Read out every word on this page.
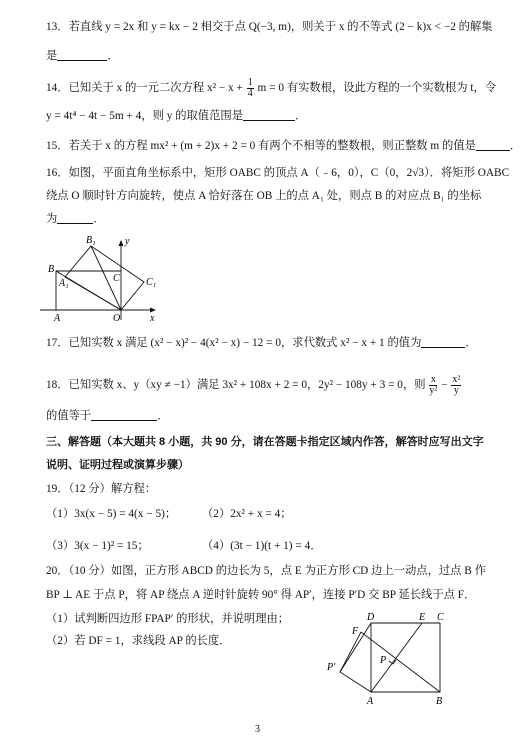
13．若直线 y = 2x 和 y = kx − 2 相交于点 Q(−3, m)，则关于 x 的不等式 (2 − k)x < −2 的解集
是	．
14．已知关于 x 的一元二次方程 $x^2 - x + \frac{1}{4}$ m = 0 有实数根，设此方程的一个实数根为 t，令
y = 4t⁴ − 4t − 5m + 4，则 y 的取值范围是	．
15．若关于 x 的方程 mx² + (m + 2)x + 2 = 0 有两个不相等的整数根，则正整数 m 的值是	．
16．如图，平面直角坐标系中，矩形 OABC 的顶点 A（﹣6，0），C（0，2√3）．将矩形 OABC
绕点 O 顺时针方向旋转，使点 A 恰好落在 OB 上的点 A₁ 处，则点 B 的对应点 B₁ 的坐标
为	．
B₁	y
B
C
A₁	C₁
A	O	x
17．已知实数 x 满足 (x² − x)² − 4(x² − x) − 12 = 0，求代数式 x² − x + 1 的值为	．
18．已知实数 x、y（xy ≠ −1）满足 3x² + 108x + 2 = 0，2y² − 108y + 3 = 0，则 $\frac{x}{\text{y²}} - \frac{\text{x²}}{y}$
的值等于	．
三、解答题（本大题共 8 小题，共 90 分，请在答题卡指定区域内作答，解答时应写出文字
说明、证明过程或演算步骤）
19．（12 分）解方程：
（1）3x(x − 5) = 4(x − 5)； （2）2x² + x = 4；
（3）3(x − 1)² = 15；	（4）(3t − 1)(t + 1) = 4．
20．（10 分）如图，正方形 ABCD 的边长为 5，点 E 为正方形 CD 边上一动点，过点 B 作
BP ⊥ AE 于点 P，将 AP 绕点 A 逆时针旋转 90° 得 AP′，连接 P′D 交 BP 延长线于点 F．
（1）试判断四边形 FPAP′ 的形状，并说明理由；
（2）若 DF = 1，求线段 AP 的长度．
D	E C
F
P
P′
A	B
3
